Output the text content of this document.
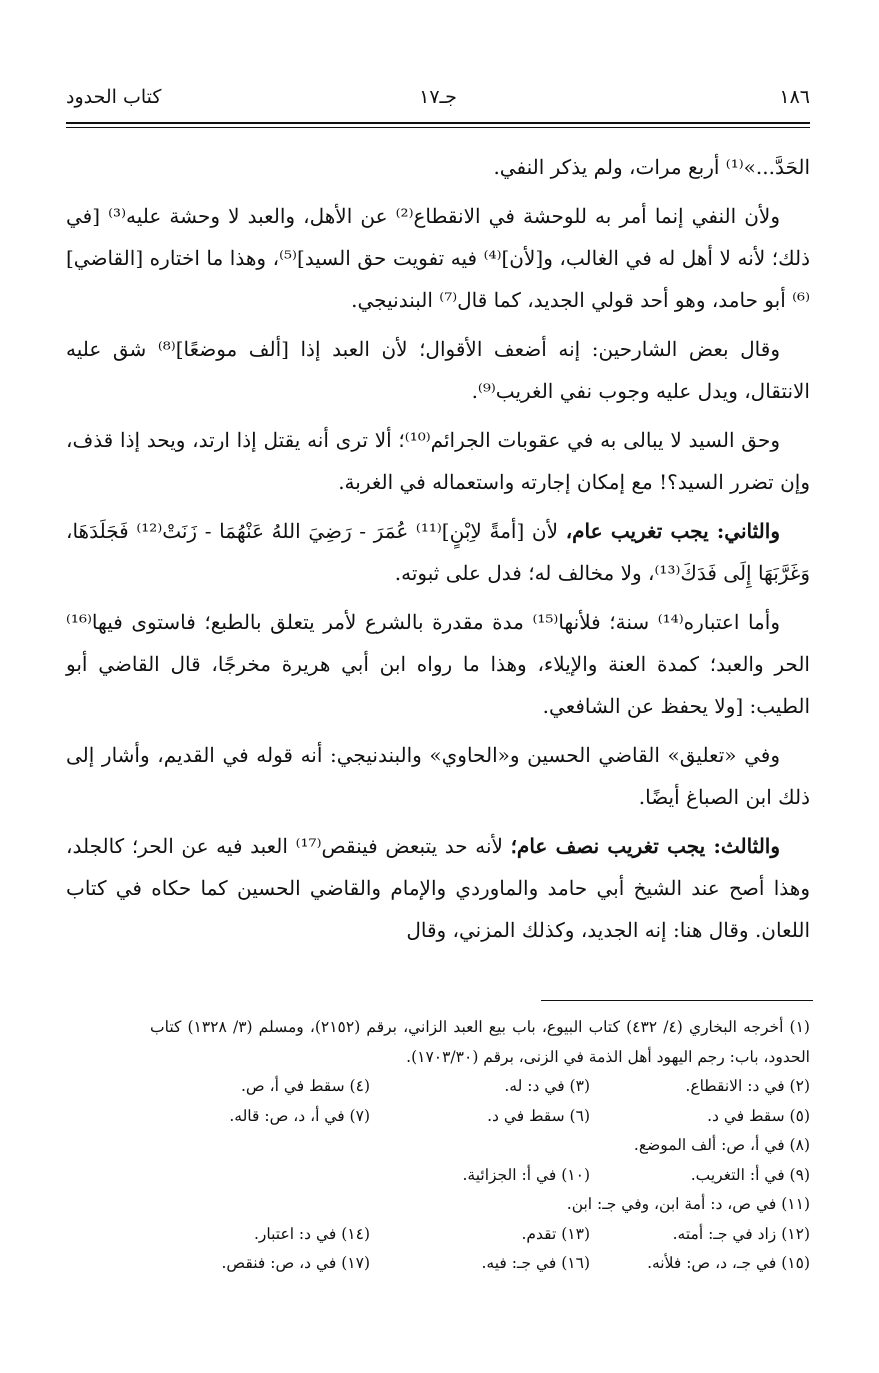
١٨٦
جـ١٧
كتاب الحدود

الحَدَّ...»⁽¹⁾ أربع مرات، ولم يذكر النفي.

ولأن النفي إنما أمر به للوحشة في الانقطاع⁽²⁾ عن الأهل، والعبد لا وحشة عليه⁽³⁾ [في ذلك؛ لأنه لا أهل له في الغالب، و[لأن]⁽⁴⁾ فيه تفويت حق السيد]⁽⁵⁾، وهذا ما اختاره [القاضي]⁽⁶⁾ أبو حامد، وهو أحد قولي الجديد، كما قال⁽⁷⁾ البندنيجي.

وقال بعض الشارحين: إنه أضعف الأقوال؛ لأن العبد إذا [ألف موضعًا]⁽⁸⁾ شق عليه الانتقال، ويدل عليه وجوب نفي الغريب⁽⁹⁾.

وحق السيد لا يبالى به في عقوبات الجرائم⁽¹⁰⁾؛ ألا ترى أنه يقتل إذا ارتد، ويحد إذا قذف، وإن تضرر السيد؟! مع إمكان إجارته واستعماله في الغربة.

والثاني: يجب تغريب عام، لأن [أمةً لاِبْنٍ]⁽¹¹⁾ عُمَرَ - رَضِيَ اللهُ عَنْهُمَا - زَنَتْ⁽¹²⁾ فَجَلَدَهَا، وَغَرَّبَهَا إِلَى فَدَكَ⁽¹³⁾، ولا مخالف له؛ فدل على ثبوته.

وأما اعتباره⁽¹⁴⁾ سنة؛ فلأنها⁽¹⁵⁾ مدة مقدرة بالشرع لأمر يتعلق بالطبع؛ فاستوى فيها⁽¹⁶⁾ الحر والعبد؛ كمدة العنة والإيلاء، وهذا ما رواه ابن أبي هريرة مخرجًا، قال القاضي أبو الطيب: [ولا يحفظ عن الشافعي.

وفي «تعليق» القاضي الحسين و«الحاوي» والبندنيجي: أنه قوله في القديم، وأشار إلى ذلك ابن الصباغ أيضًا.

والثالث: يجب تغريب نصف عام؛ لأنه حد يتبعض فينقص⁽¹⁷⁾ العبد فيه عن الحر؛ كالجلد، وهذا أصح عند الشيخ أبي حامد والماوردي والإمام والقاضي الحسين كما حكاه في كتاب اللعان. وقال هنا: إنه الجديد، وكذلك المزني، وقال

(١) أخرجه البخاري (٤/ ٤٣٢) كتاب البيوع، باب بيع العبد الزاني، برقم (٢١٥٢)، ومسلم (٣/ ١٣٢٨) كتاب الحدود، باب: رجم اليهود أهل الذمة في الزنى، برقم (١٧٠٣/٣٠).
(٢) في د: الانقطاع.
(٣) في د: له.
(٤) سقط في أ، ص.
(٥) سقط في د.
(٦) سقط في د.
(٧) في أ، د، ص: قاله.
(٨) في أ، ص: ألف الموضع.
(٩) في أ: التغريب.
(١٠) في أ: الجزائية.
(١١) في ص، د: أمة ابن، وفي جـ: ابن.
(١٢) زاد في جـ: أمته.
(١٣) تقدم.
(١٤) في د: اعتبار.
(١٥) في جـ، د، ص: فلأنه.
(١٦) في جـ: فيه.
(١٧) في د، ص: فنقص.
